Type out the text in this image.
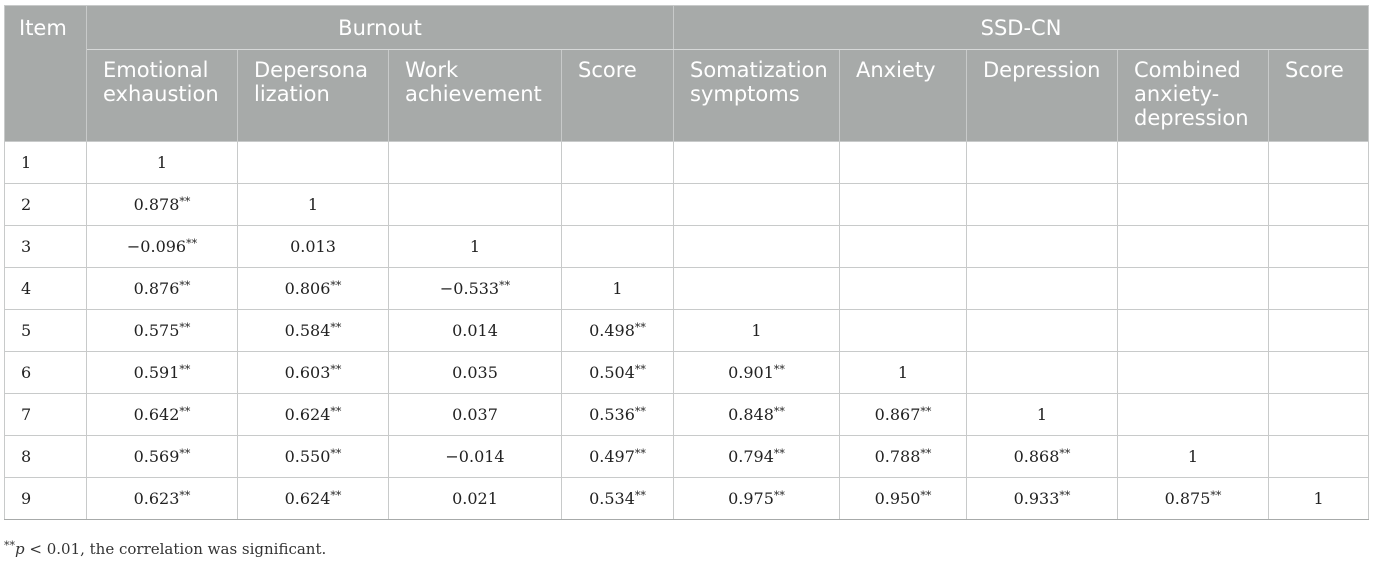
Item	Burnout				SSD-CN				
	Emotional exhaustion	Depersona lization	Work achievement	Score	Somatization symptoms	Anxiety	Depression	Combined anxiety-depression	Score
1	1								
2	0.878**	1							
3	−0.096**	0.013	1						
4	0.876**	0.806**	−0.533**	1					
5	0.575**	0.584**	0.014	0.498**	1				
6	0.591**	0.603**	0.035	0.504**	0.901**	1			
7	0.642**	0.624**	0.037	0.536**	0.848**	0.867**	1		
8	0.569**	0.550**	−0.014	0.497**	0.794**	0.788**	0.868**	1	
9	0.623**	0.624**	0.021	0.534**	0.975**	0.950**	0.933**	0.875**	1
**p < 0.01, the correlation was significant.
